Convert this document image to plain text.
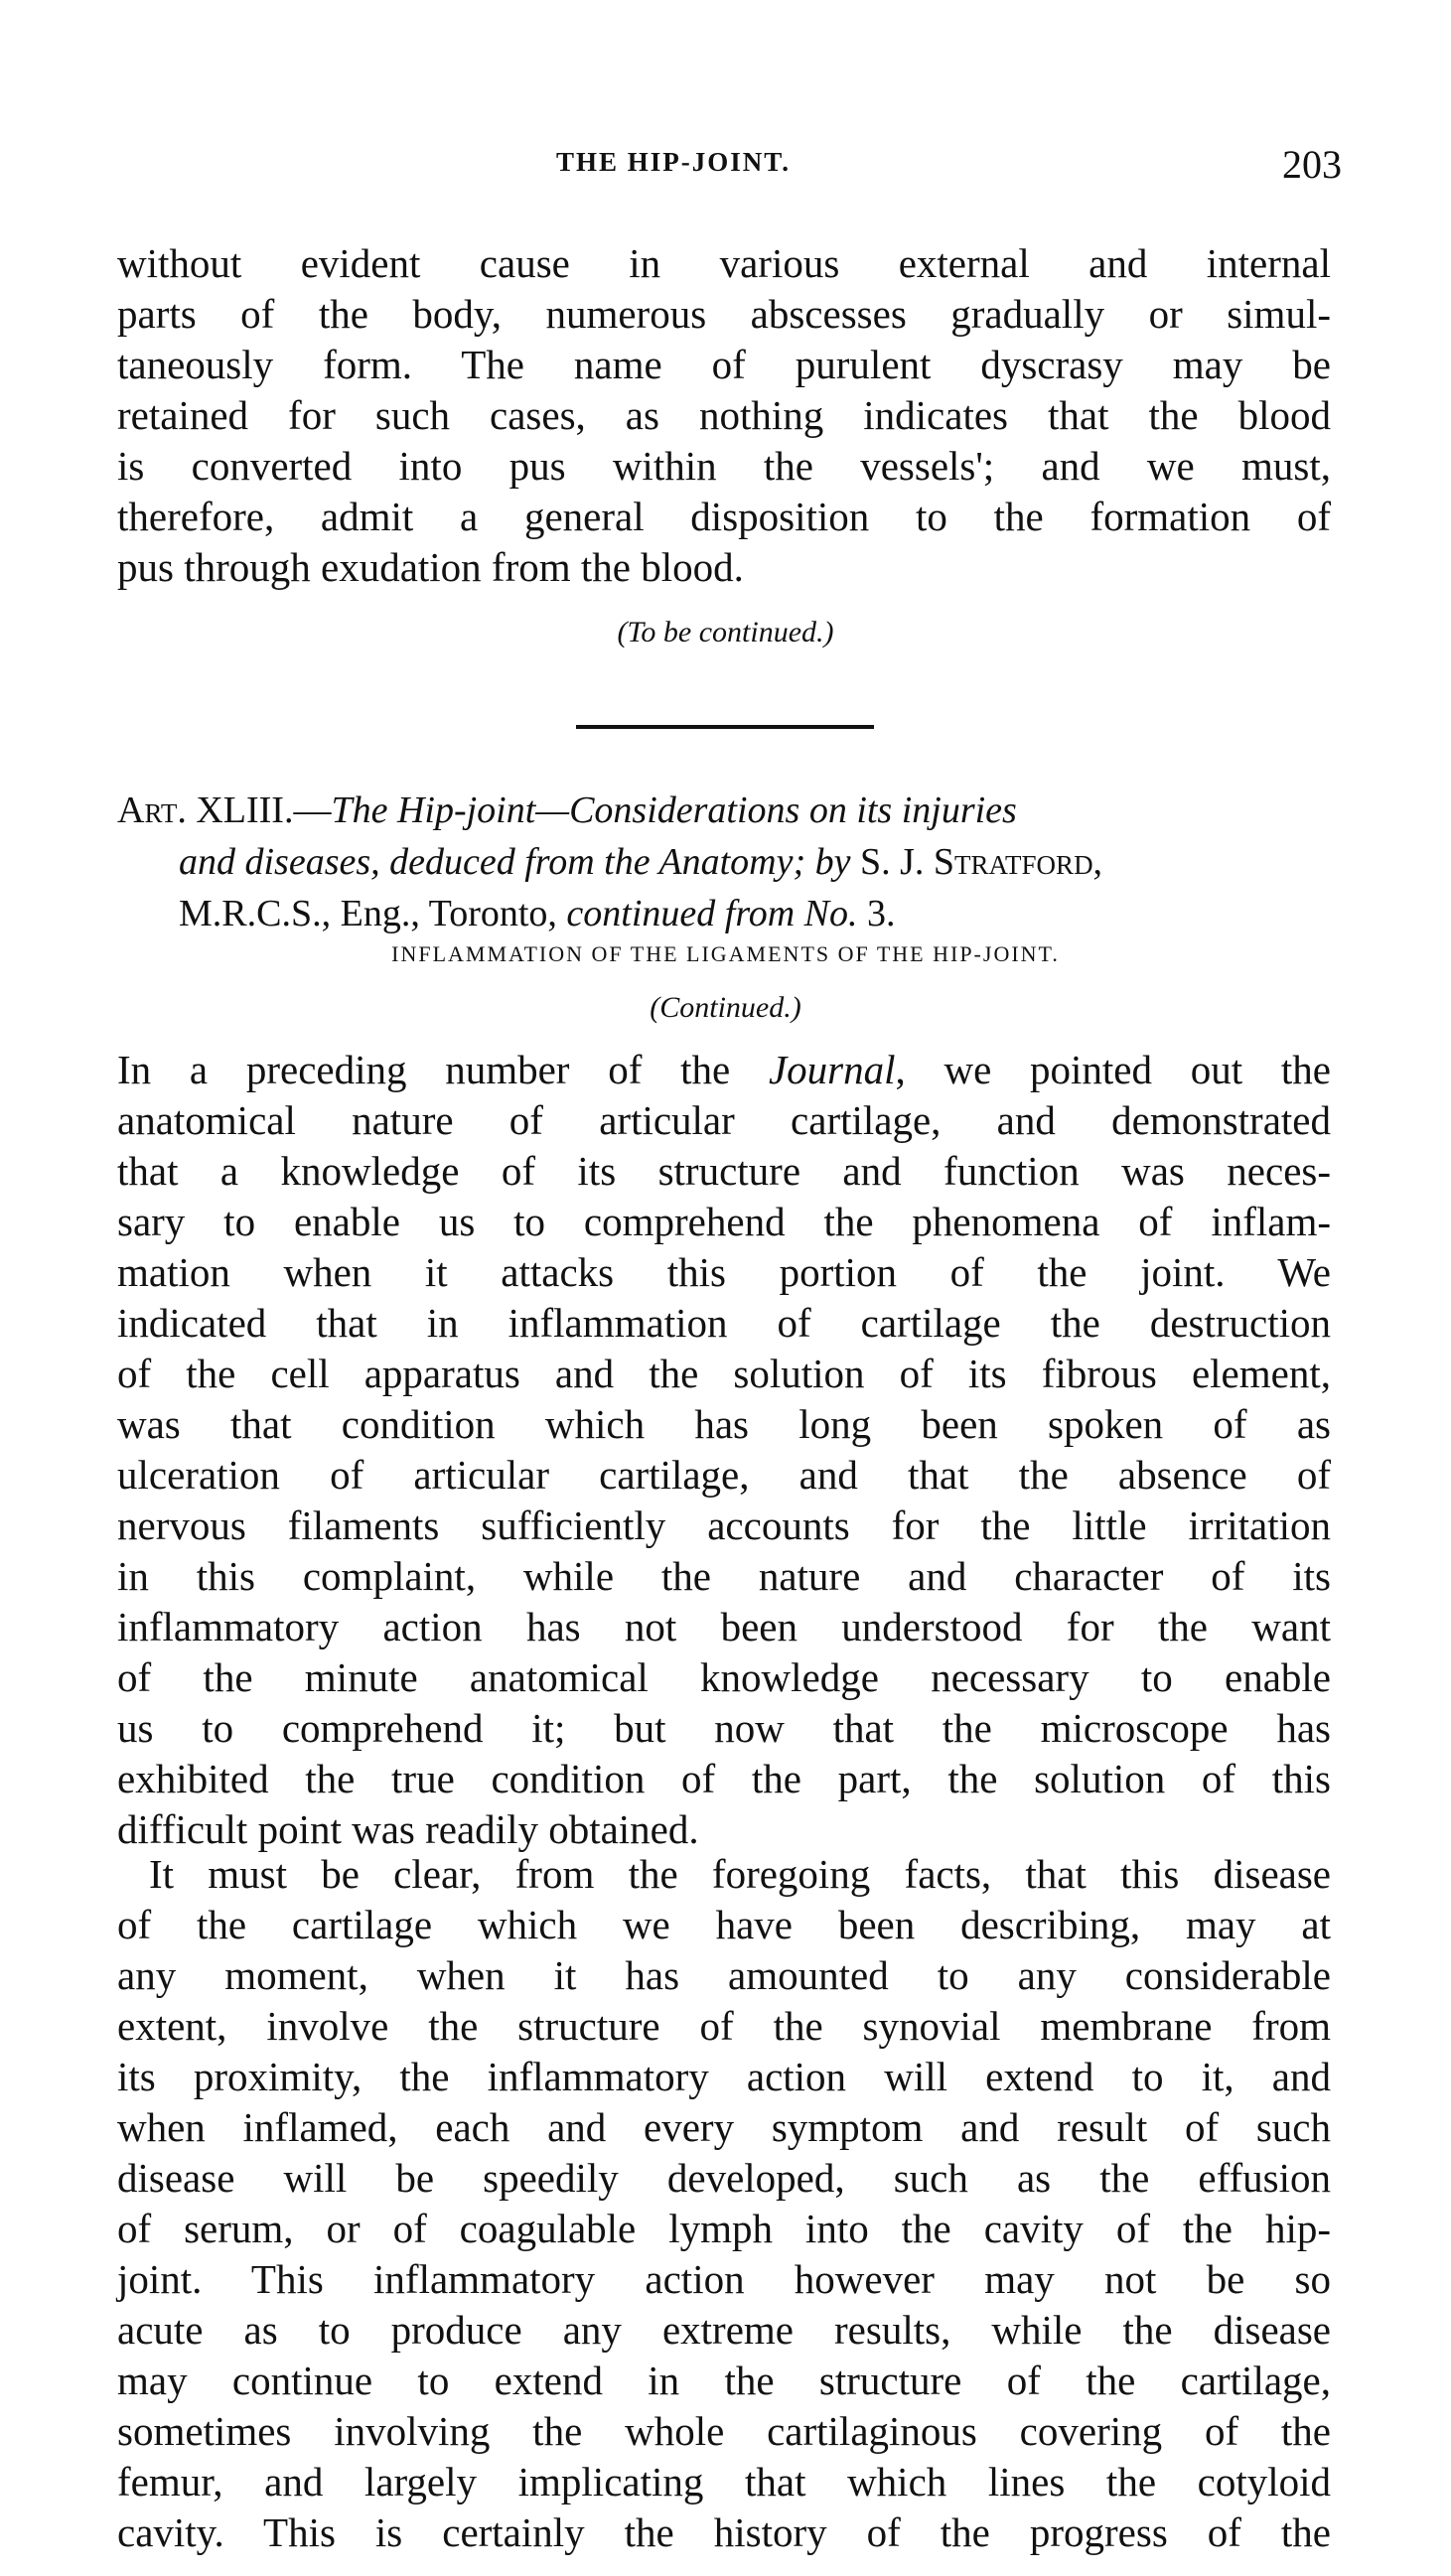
THE HIP-JOINT.	203
without evident cause in various external and internal
parts of the body, numerous abscesses gradually or simul-
taneously form. The name of purulent dyscrasy may be
retained for such cases, as nothing indicates that the blood
is converted into pus within the vessels'; and we must,
therefore, admit a general disposition to the formation of
pus through exudation from the blood.
(To be continued.)
Art. XLIII.—The Hip-joint—Considerations on its injuries
and diseases, deduced from the Anatomy; by S. J. Stratford,
M.R.C.S., Eng., Toronto, continued from No. 3.
INFLAMMATION OF THE LIGAMENTS OF THE HIP-JOINT.
(Continued.)
In a preceding number of the Journal, we pointed out the
anatomical nature of articular cartilage, and demonstrated
that a knowledge of its structure and function was neces-
sary to enable us to comprehend the phenomena of inflam-
mation when it attacks this portion of the joint. We
indicated that in inflammation of cartilage the destruction
of the cell apparatus and the solution of its fibrous element,
was that condition which has long been spoken of as
ulceration of articular cartilage, and that the absence of
nervous filaments sufficiently accounts for the little irritation
in this complaint, while the nature and character of its
inflammatory action has not been understood for the want
of the minute anatomical knowledge necessary to enable
us to comprehend it; but now that the microscope has
exhibited the true condition of the part, the solution of this
difficult point was readily obtained.
It must be clear, from the foregoing facts, that this disease
of the cartilage which we have been describing, may at
any moment, when it has amounted to any considerable
extent, involve the structure of the synovial membrane from
its proximity, the inflammatory action will extend to it, and
when inflamed, each and every symptom and result of such
disease will be speedily developed, such as the effusion
of serum, or of coagulable lymph into the cavity of the hip-
joint. This inflammatory action however may not be so
acute as to produce any extreme results, while the disease
may continue to extend in the structure of the cartilage,
sometimes involving the whole cartilaginous covering of the
femur, and largely implicating that which lines the cotyloid
cavity. This is certainly the history of the progress of the
